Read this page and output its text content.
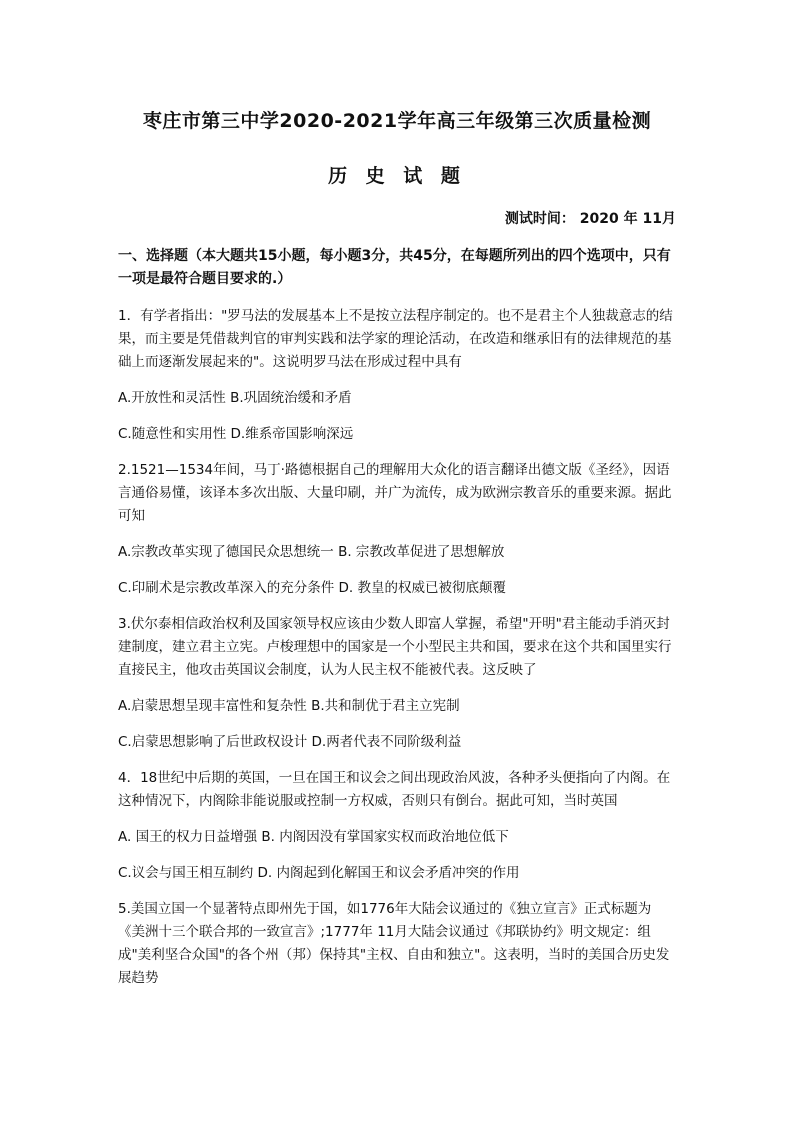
枣庄市第三中学2020-2021学年高三年级第三次质量检测
历 史 试 题
测试时间： 2020 年 11月
一、选择题（本大题共15小题，每小题3分，共45分，在每题所列出的四个选项中，只有一项是最符合题目要求的.）
1．有学者指出："罗马法的发展基本上不是按立法程序制定的。也不是君主个人独裁意志的结果，而主要是凭借裁判官的审判实践和法学家的理论活动，在改造和继承旧有的法律规范的基础上而逐渐发展起来的"。这说明罗马法在形成过程中具有
A.开放性和灵活性 B.巩固统治缓和矛盾
C.随意性和实用性 D.维系帝国影响深远
2.1521—1534年间，马丁·路德根据自己的理解用大众化的语言翻译出德文版《圣经》，因语言通俗易懂，该译本多次出版、大量印刷，并广为流传，成为欧洲宗教音乐的重要来源。据此可知
A.宗教改革实现了德国民众思想统一 B. 宗教改革促进了思想解放
C.印刷术是宗教改革深入的充分条件 D. 教皇的权威已被彻底颠覆
3.伏尔泰相信政治权利及国家领导权应该由少数人即富人掌握，希望"开明"君主能动手消灭封建制度，建立君主立宪。卢梭理想中的国家是一个小型民主共和国，要求在这个共和国里实行直接民主，他攻击英国议会制度，认为人民主权不能被代表。这反映了
A.启蒙思想呈现丰富性和复杂性 B.共和制优于君主立宪制
C.启蒙思想影响了后世政权设计 D.两者代表不同阶级利益
4．18世纪中后期的英国，一旦在国王和议会之间出现政治风波，各种矛头便指向了内阁。在这种情况下，内阁除非能说服或控制一方权威，否则只有倒台。据此可知，当时英国
A. 国王的权力日益增强 B. 内阁因没有掌国家实权而政治地位低下
C.议会与国王相互制约 D. 内阁起到化解国王和议会矛盾冲突的作用
5.美国立国一个显著特点即州先于国，如1776年大陆会议通过的《独立宣言》正式标题为《美洲十三个联合邦的一致宣言》;1777年 11月大陆会议通过《邦联协约》明文规定：组成"美利坚合众国"的各个州（邦）保持其"主权、自由和独立"。这表明，当时的美国合历史发展趋势
